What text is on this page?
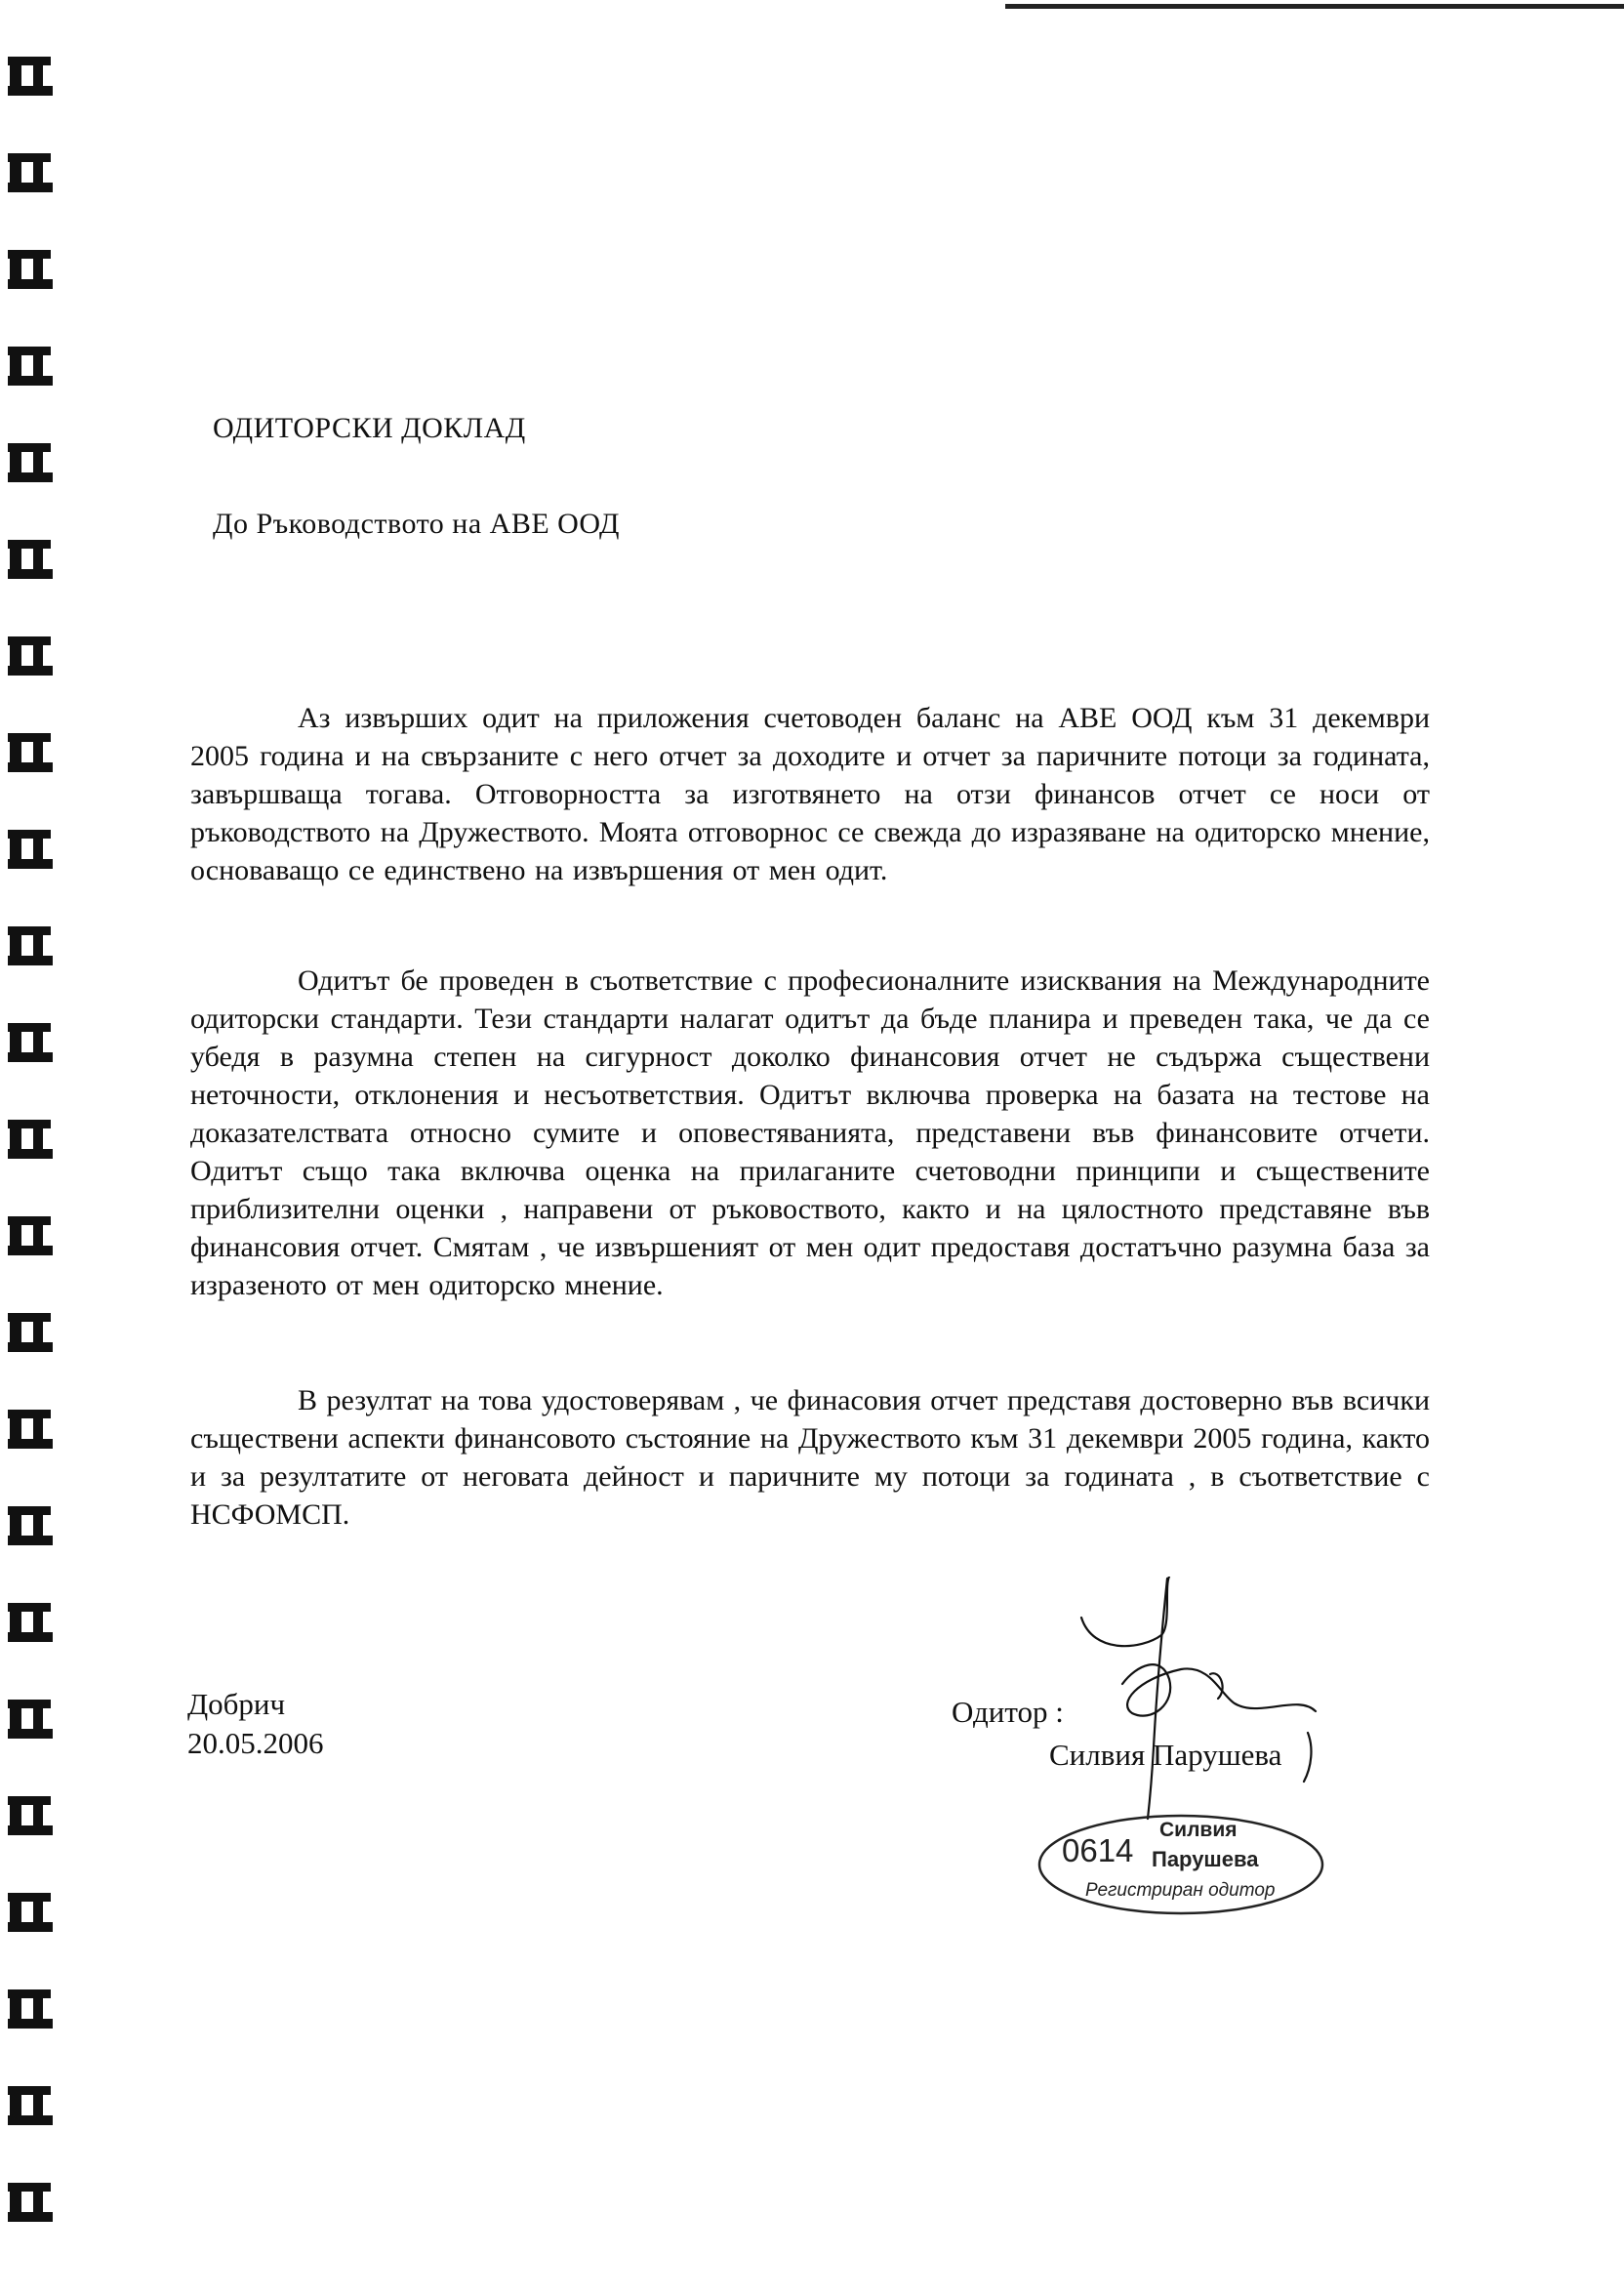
ОДИТОРСКИ ДОКЛАД
До Ръководството на АВЕ ООД

Аз извърших одит на приложения счетоводен баланс на АВЕ ООД към 31 декември 2005 година и на свързаните с него отчет за доходите и отчет за паричните потоци за годината, завършваща тогава. Отговорността за изготвянето на отзи финансов отчет се носи от ръководството на Дружеството. Моята отговорнос се свежда до изразяване на одиторско мнение, основаващо се единствено на извършения от мен одит.

Одитът бе проведен в съответствие с професионалните изисквания на Международните одиторски стандарти. Тези стандарти налагат одитът да бъде планира и преведен така, че да се убедя в разумна степен на сигурност доколко финансовия отчет не съдържа съществени неточности, отклонения и несъответствия. Одитът включва проверка на базата на тестове на доказателствата относно сумите и оповестяванията, представени във финансовите отчети. Одитът също така включва оценка на прилаганите счетоводни принципи и съществените приблизителни оценки , направени от ръковоството, както и на цялостното представяне във финансовия отчет. Смятам , че извършеният от мен одит предоставя достатъчно разумна база за изразеното от мен одиторско мнение.

В резултат на това удостоверявам , че финасовия отчет представя достоверно във всички съществени аспекти финансовото състояние на Дружеството към 31 декември 2005 година, както и за резултатите от неговата дейност и паричните му потоци за годината , в съответствие с НСФОМСП.

Добрич
20.05.2006
Одитор :
Силвия Парушева
0614
Силвия
Парушева
Регистриран одитор
